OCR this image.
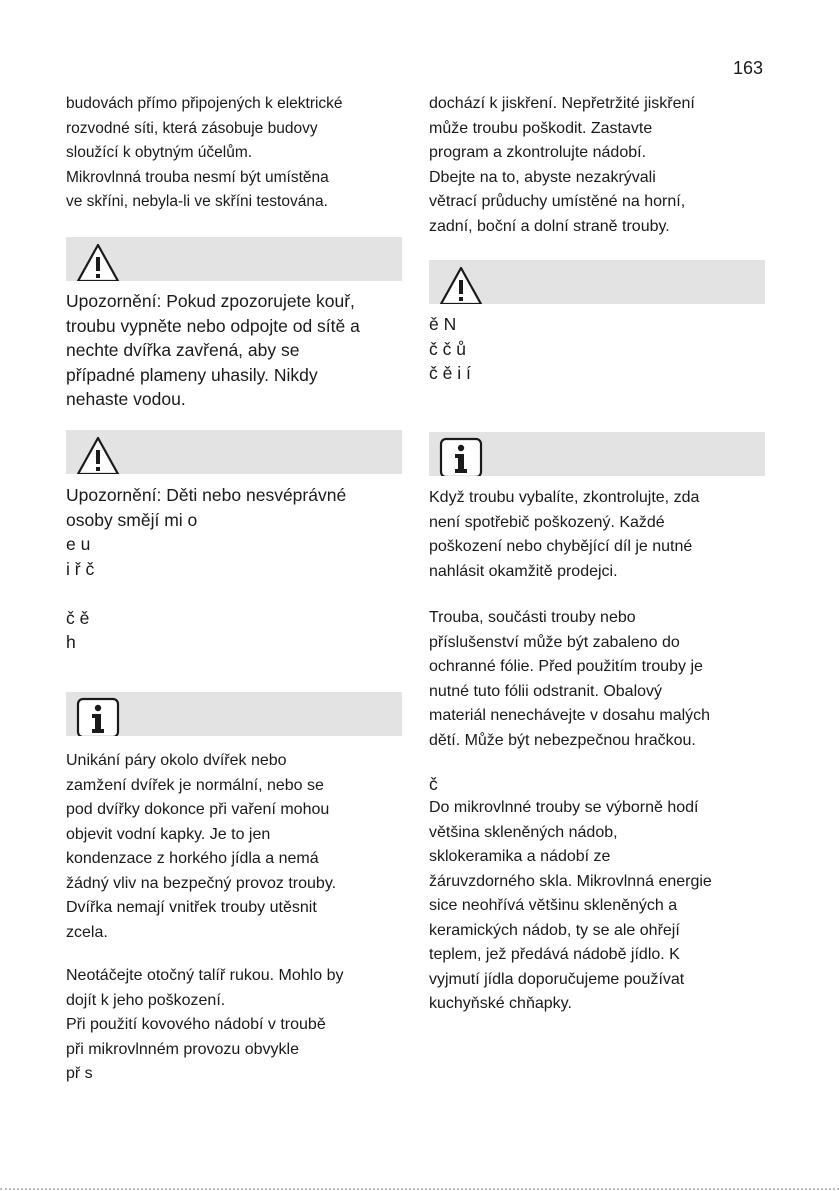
163
budovách přímo připojených k elektrické
rozvodné síti, která zásobuje budovy
sloužící k obytným účelům.
Mikrovlnná trouba nesmí být umístěna
ve skříni, nebyla-li ve skříni testována.
Upozornění: Pokud zpozorujete kouř,
troubu vypněte nebo odpojte od sítě a
nechte dvířka zavřená, aby se
případné plameny uhasily. Nikdy
nehaste vodou.
Upozornění: Děti nebo nesvéprávné
osoby smějí mi o
e u
i ř č

č ě
h
Unikání páry okolo dvířek nebo
zamžení dvířek je normální, nebo se
pod dvířky dokonce při vaření mohou
objevit vodní kapky. Je to jen
kondenzace z horkého jídla a nemá
žádný vliv na bezpečný provoz trouby.
Dvířka nemají vnitřek trouby utěsnit
zcela.
Neotáčejte otočný talíř rukou. Mohlo by
dojít k jeho poškození.
Při použití kovového nádobí v troubě
při mikrovlnném provozu obvykle
př s
dochází k jiskření. Nepřetržité jiskření
může troubu poškodit. Zastavte
program a zkontrolujte nádobí.
Dbejte na to, abyste nezakrývali
větrací průduchy umístěné na horní,
zadní, boční a dolní straně trouby.
ě N
č č ů
č ě i í
Když troubu vybalíte, zkontrolujte, zda
není spotřebič poškozený. Každé
poškození nebo chybějící díl je nutné
nahlásit okamžitě prodejci.
Trouba, součásti trouby nebo
příslušenství může být zabaleno do
ochranné fólie. Před použitím trouby je
nutné tuto fólii odstranit. Obalový
materiál nenechávejte v dosahu malých
dětí. Může být nebezpečnou hračkou.
č
Do mikrovlnné trouby se výborně hodí
většina skleněných nádob,
sklokeramika a nádobí ze
žáruvzdorného skla. Mikrovlnná energie
sice neohřívá většinu skleněných a
keramických nádob, ty se ale ohřejí
teplem, jež předává nádobě jídlo. K
vyjmutí jídla doporučujeme používat
kuchyňské chňapky.
